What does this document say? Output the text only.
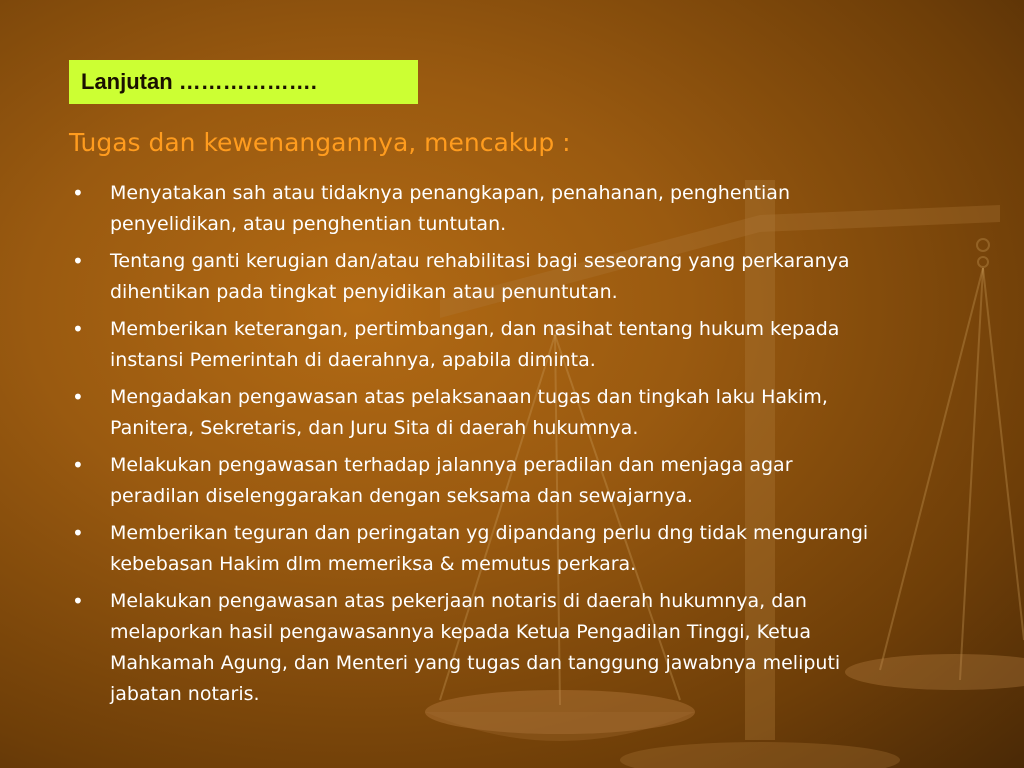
Lanjutan ……………….
Tugas dan kewenangannya, mencakup :
• Menyatakan sah atau tidaknya penangkapan, penahanan, penghentian
penyelidikan, atau penghentian tuntutan.
• Tentang ganti kerugian dan/atau rehabilitasi bagi seseorang yang perkaranya
dihentikan pada tingkat penyidikan atau penuntutan.
• Memberikan keterangan, pertimbangan, dan nasihat tentang hukum kepada
instansi Pemerintah di daerahnya, apabila diminta.
• Mengadakan pengawasan atas pelaksanaan tugas dan tingkah laku Hakim,
Panitera, Sekretaris, dan Juru Sita di daerah hukumnya.
• Melakukan pengawasan terhadap jalannya peradilan dan menjaga agar
peradilan diselenggarakan dengan seksama dan sewajarnya.
• Memberikan teguran dan peringatan yg dipandang perlu dng tidak mengurangi
kebebasan Hakim dlm memeriksa & memutus perkara.
• Melakukan pengawasan atas pekerjaan notaris di daerah hukumnya, dan
melaporkan hasil pengawasannya kepada Ketua Pengadilan Tinggi, Ketua
Mahkamah Agung, dan Menteri yang tugas dan tanggung jawabnya meliputi
jabatan notaris.
